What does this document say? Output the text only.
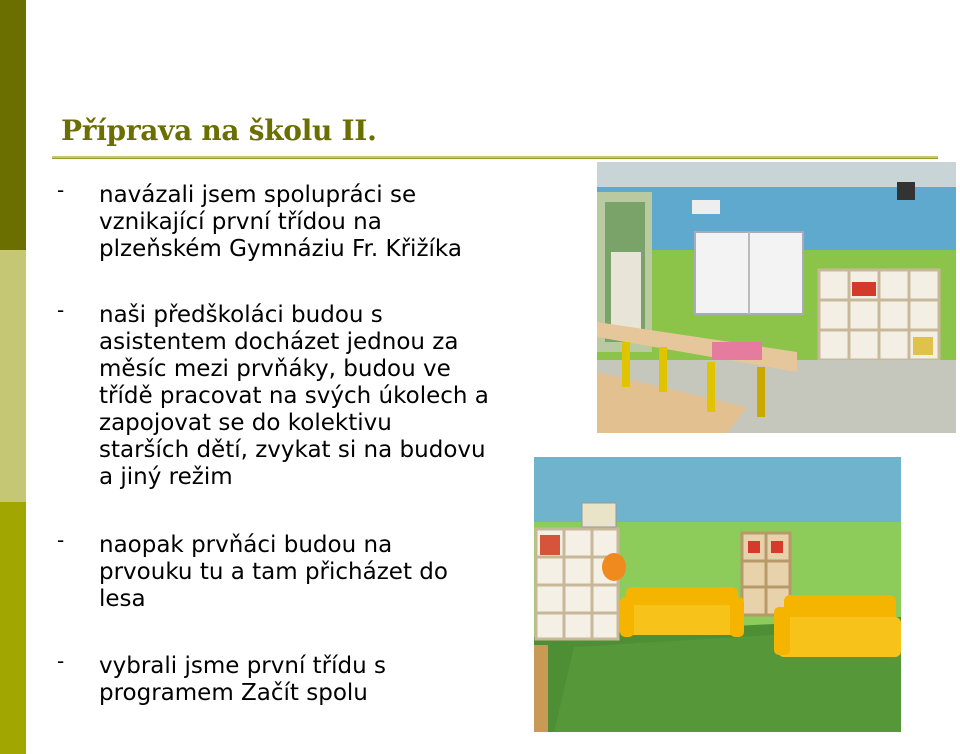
Příprava na školu II.
- navázali jsem spolupráci se
vznikající první třídou na
plzeňském Gymnáziu Fr. Křižíka
- naši předškoláci budou s
asistentem docházet jednou za
měsíc mezi prvňáky, budou ve
třídě pracovat na svých úkolech a
zapojovat se do kolektivu
starších dětí, zvykat si na budovu
a jiný režim
- naopak prvňáci budou na
prvouku tu a tam přicházet do
lesa
- vybrali jsme první třídu s
programem Začít spolu
